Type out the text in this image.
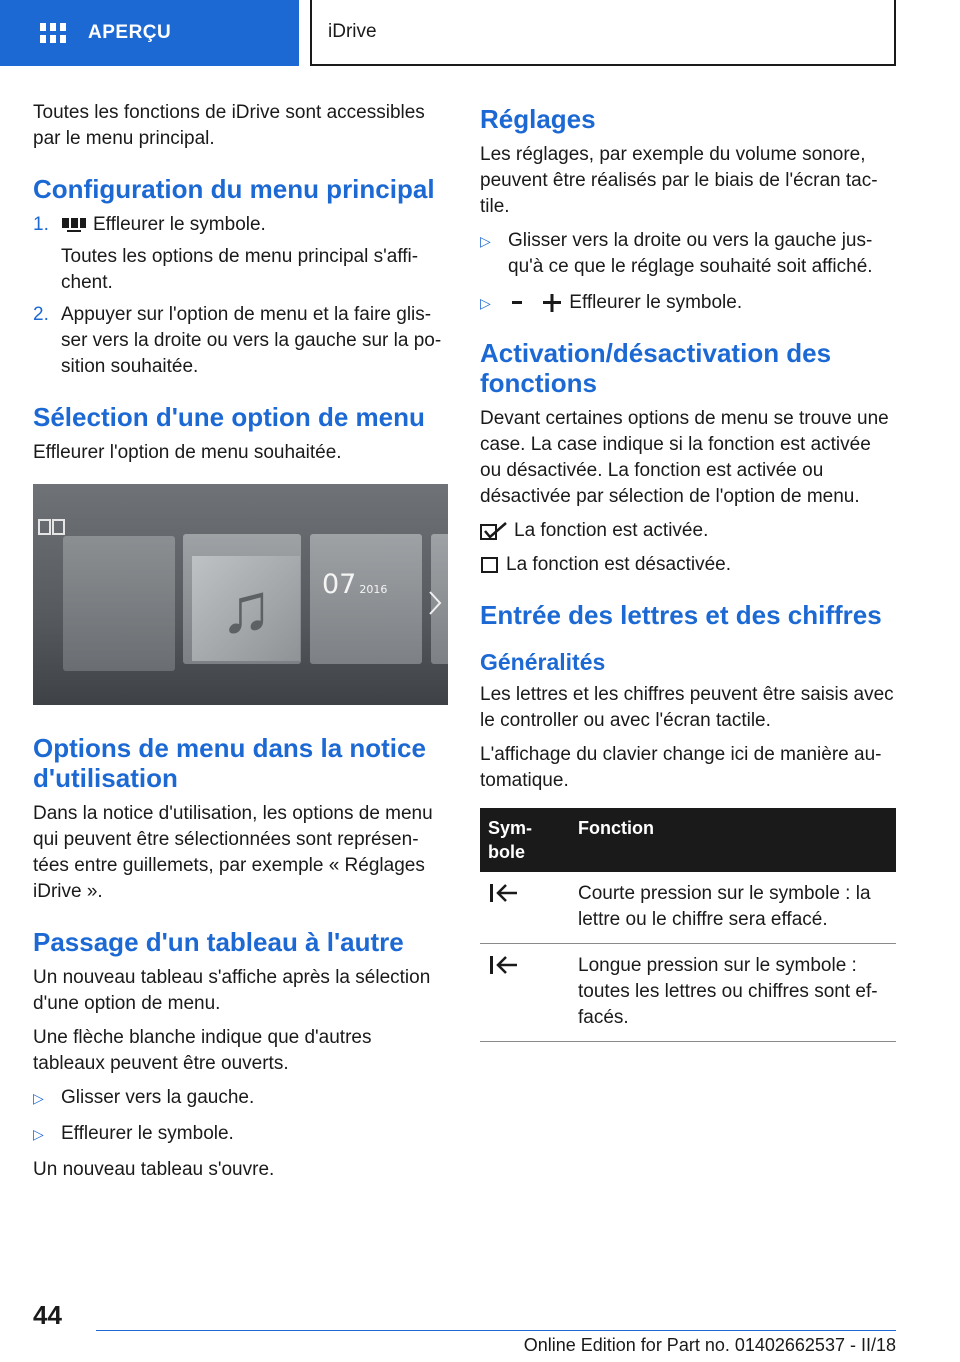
APERÇU	iDrive

Toutes les fonctions de iDrive sont accessibles par le menu principal.

Configuration du menu principal
1.	Effleurer le symbole.
Toutes les options de menu principal s'affichent.
2. Appuyer sur l'option de menu et la faire glisser vers la droite ou vers la gauche sur la position souhaitée.
Sélection d'une option de menu

Effleurer l'option de menu souhaitée.

♫	07 2016
Options de menu dans la notice d'utilisation

Dans la notice d'utilisation, les options de menu qui peuvent être sélectionnées sont représentées entre guillemets, par exemple « Réglages iDrive ».

Passage d'un tableau à l'autre

Un nouveau tableau s'affiche après la sélection d'une option de menu.

Une flèche blanche indique que d'autres tableaux peuvent être ouverts.

▷ Glisser vers la gauche.
▷ Effleurer le symbole.

Un nouveau tableau s'ouvre.

Réglages

Les réglages, par exemple du volume sonore, peuvent être réalisés par le biais de l'écran tactile.

▷ Glisser vers la droite ou vers la gauche jusqu'à ce que le réglage souhaité soit affiché.
▷	Effleurer le symbole.
Activation/désactivation des fonctions

Devant certaines options de menu se trouve une case. La case indique si la fonction est activée ou désactivée. La fonction est activée ou désactivée par sélection de l'option de menu.

La fonction est activée.

La fonction est désactivée.

Entrée des lettres et des chiffres
Généralités

Les lettres et les chiffres peuvent être saisis avec le controller ou avec l'écran tactile.

L'affichage du clavier change ici de manière automatique.

Symbole	Fonction
	Courte pression sur le symbole : la lettre ou le chiffre sera effacé.
	Longue pression sur le symbole : toutes les lettres ou chiffres sont effacés.
44
Online Edition for Part no. 01402662537 - II/18
